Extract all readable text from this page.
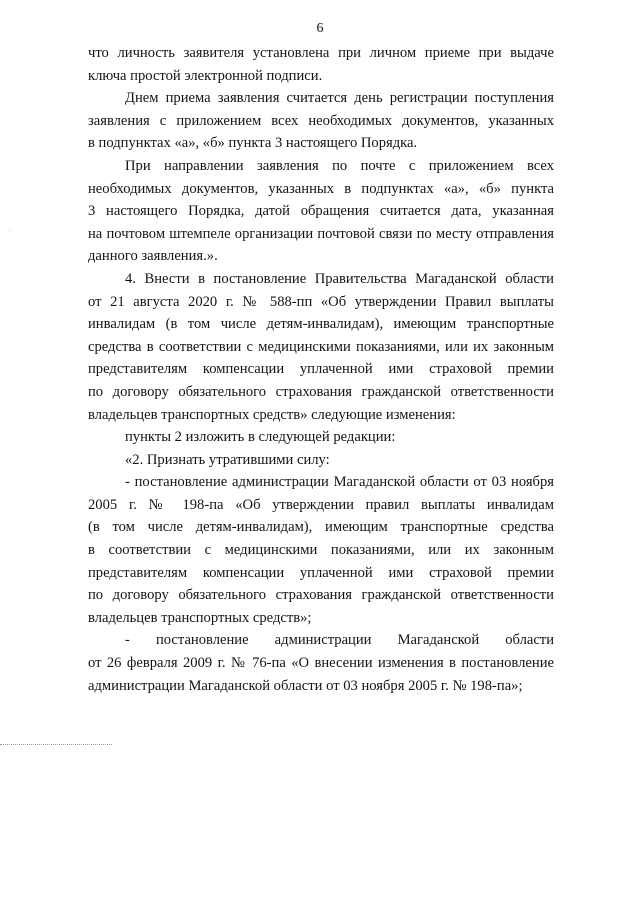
6

что личность заявителя установлена при личном приеме при выдаче
ключа простой электронной подписи.

Днем приема заявления считается день регистрации поступления
заявления с приложением всех необходимых документов, указанных
в подпунктах «а», «б» пункта 3 настоящего Порядка.

При направлении заявления по почте с приложением всех
необходимых документов, указанных в подпунктах «а», «б» пункта
3 настоящего Порядка, датой обращения считается дата, указанная
на почтовом штемпеле организации почтовой связи по месту отправления
данного заявления.».

4. Внести в постановление Правительства Магаданской области
от 21 августа 2020 г. № 588-пп «Об утверждении Правил выплаты
инвалидам (в том числе детям-инвалидам), имеющим транспортные
средства в соответствии с медицинскими показаниями, или их законным
представителям компенсации уплаченной ими страховой премии
по договору обязательного страхования гражданской ответственности
владельцев транспортных средств» следующие изменения:

пункты 2 изложить в следующей редакции:

«2. Признать утратившими силу:

- постановление администрации Магаданской области от 03 ноября
2005 г. № 198-па «Об утверждении правил выплаты инвалидам
(в том числе детям-инвалидам), имеющим транспортные средства
в соответствии с медицинскими показаниями, или их законным
представителям компенсации уплаченной ими страховой премии
по договору обязательного страхования гражданской ответственности
владельцев транспортных средств»;

- постановление администрации Магаданской области
от 26 февраля 2009 г. № 76-па «О внесении изменения в постановление
администрации Магаданской области от 03 ноября 2005 г. № 198-па»;
